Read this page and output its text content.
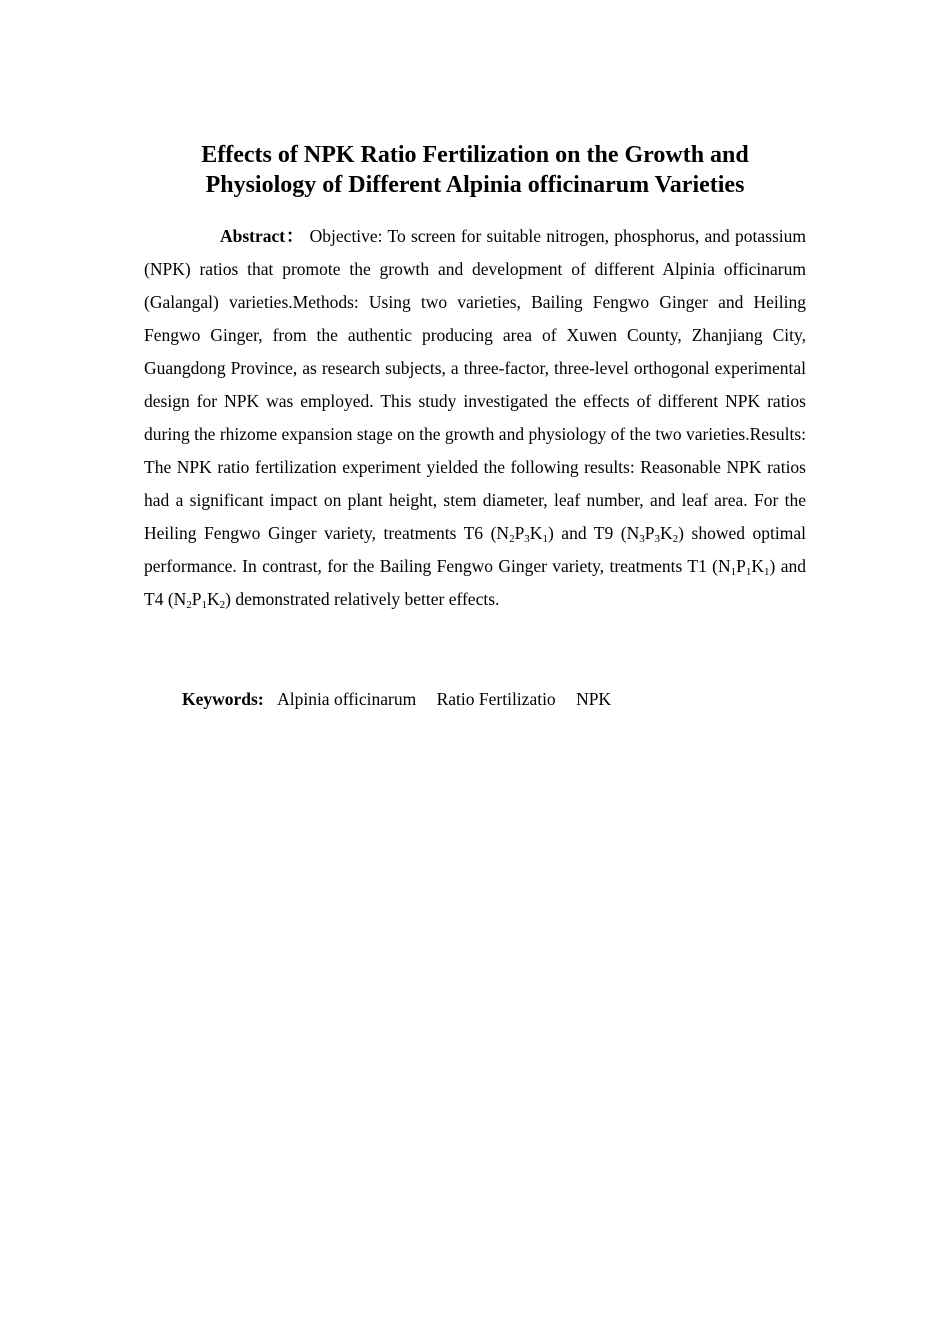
Effects of NPK Ratio Fertilization on the Growth and
Physiology of Different Alpinia officinarum Varieties

Abstract： Objective: To screen for suitable nitrogen, phosphorus, and potassium (NPK) ratios that promote the growth and development of different Alpinia officinarum (Galangal) varieties.Methods: Using two varieties, Bailing Fengwo Ginger and Heiling Fengwo Ginger, from the authentic producing area of Xuwen County, Zhanjiang City, Guangdong Province, as research subjects, a three-factor, three-level orthogonal experimental design for NPK was employed. This study investigated the effects of different NPK ratios during the rhizome expansion stage on the growth and physiology of the two varieties.Results: The NPK ratio fertilization experiment yielded the following results: Reasonable NPK ratios had a significant impact on plant height, stem diameter, leaf number, and leaf area. For the Heiling Fengwo Ginger variety, treatments T6 $(N_2P_3K_1)$ and T9 $(N_3P_3K_2)$ showed optimal performance. In contrast, for the Bailing Fengwo Ginger variety, treatments T1 $(N_1P_1K_1)$ and T4 $(N_2P_1K_2)$ demonstrated relatively better effects.

Keywords: Alpinia officinarum Ratio Fertilizatio NPK
